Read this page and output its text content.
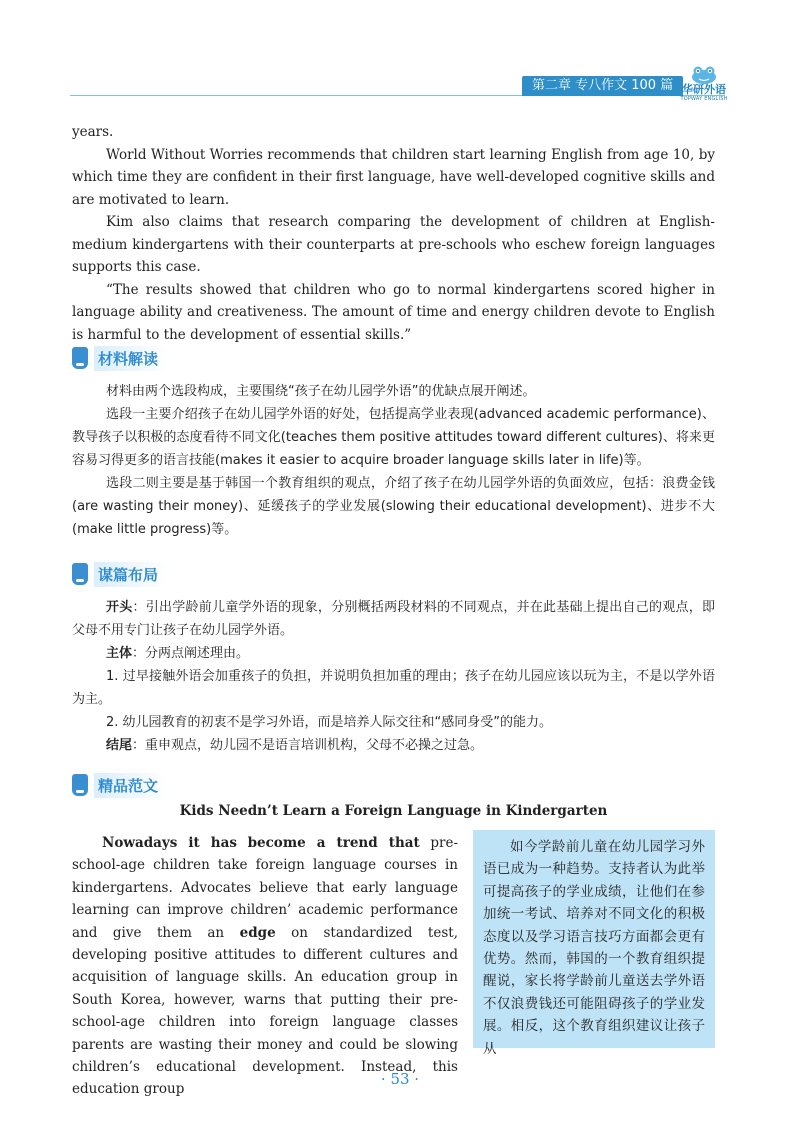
第二章 专八作文 100 篇 华研外语
TOPWAY ENGLISH

years.

World Without Worries recommends that children start learning English from age 10, by which time they are confident in their first language, have well-developed cognitive skills and are motivated to learn.

Kim also claims that research comparing the development of children at English-medium kindergartens with their counterparts at pre-schools who eschew foreign languages supports this case.

“The results showed that children who go to normal kindergartens scored higher in language ability and creativeness. The amount of time and energy children devote to English is harmful to the development of essential skills.”

材料解读

材料由两个选段构成，主要围绕“孩子在幼儿园学外语”的优缺点展开阐述。

选段一主要介绍孩子在幼儿园学外语的好处，包括提高学业表现(advanced academic performance)、教导孩子以积极的态度看待不同文化(teaches them positive attitudes toward different cultures)、将来更容易习得更多的语言技能(makes it easier to acquire broader language skills later in life)等。

选段二则主要是基于韩国一个教育组织的观点，介绍了孩子在幼儿园学外语的负面效应，包括：浪费金钱(are wasting their money)、延缓孩子的学业发展(slowing their educational development)、进步不大(make little progress)等。

谋篇布局

开头：引出学龄前儿童学外语的现象，分别概括两段材料的不同观点，并在此基础上提出自己的观点，即父母不用专门让孩子在幼儿园学外语。

主体：分两点阐述理由。

1. 过早接触外语会加重孩子的负担，并说明负担加重的理由；孩子在幼儿园应该以玩为主，不是以学外语为主。

2. 幼儿园教育的初衷不是学习外语，而是培养人际交往和“感同身受”的能力。

结尾：重申观点，幼儿园不是语言培训机构，父母不必操之过急。

精品范文
Kids Needn’t Learn a Foreign Language in Kindergarten

Nowadays it has become a trend that pre-school-age children take foreign language courses in kindergartens. Advocates believe that early language learning can improve children’ academic performance and give them an edge on standardized test, developing positive attitudes to different cultures and acquisition of language skills. An education group in South Korea, however, warns that putting their pre-school-age children into foreign language classes parents are wasting their money and could be slowing children’s educational development. Instead, this education group

如今学龄前儿童在幼儿园学习外语已成为一种趋势。支持者认为此举可提高孩子的学业成绩，让他们在参加统一考试、培养对不同文化的积极态度以及学习语言技巧方面都会更有优势。然而，韩国的一个教育组织提醒说，家长将学龄前儿童送去学外语不仅浪费钱还可能阻碍孩子的学业发展。相反，这个教育组织建议让孩子从

· 53 ·
